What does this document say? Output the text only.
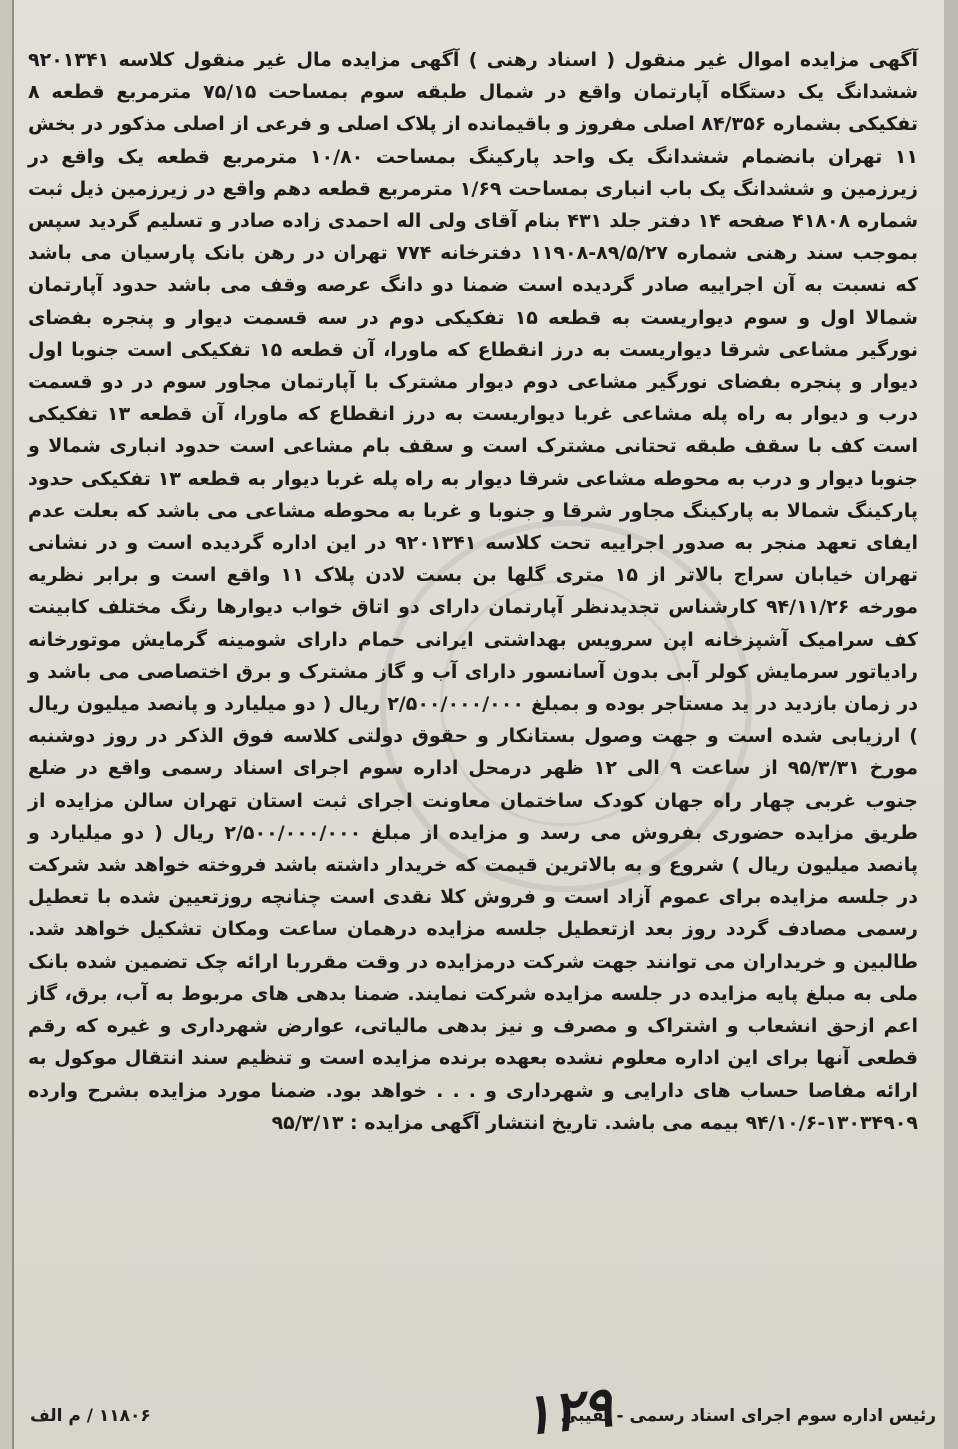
آگهی مزایده اموال غیر منقول ( اسناد رهنی ) آگهی مزایده مال غیر منقول کلاسه ۹۲۰۱۳۴۱ ششدانگ یک دستگاه آپارتمان واقع در شمال طبقه سوم بمساحت ۷۵/۱۵ مترمربع قطعه ۸ تفکیکی بشماره ۸۴/۳۵۶ اصلی مفروز و باقیمانده از پلاک اصلی و فرعی از اصلی مذکور در بخش ۱۱ تهران بانضمام ششدانگ یک واحد پارکینگ بمساحت ۱۰/۸۰ مترمربع قطعه یک واقع در زیرزمین و ششدانگ یک باب انباری بمساحت ۱/۶۹ مترمربع قطعه دهم واقع در زیرزمین ذیل ثبت شماره ۴۱۸۰۸ صفحه ۱۴ دفتر جلد ۴۳۱ بنام آقای ولی اله احمدی زاده صادر و تسلیم گردید سپس بموجب سند رهنی شماره ۸۹/۵/۲۷-۱۱۹۰۸ دفترخانه ۷۷۴ تهران در رهن بانک پارسیان می باشد که نسبت به آن اجراییه صادر گردیده است ضمنا دو دانگ عرصه وقف می باشد حدود آپارتمان شمالا اول و سوم دیواریست به قطعه ۱۵ تفکیکی دوم در سه قسمت دیوار و پنجره بفضای نورگیر مشاعی شرقا دیواریست به درز انقطاع که ماورا، آن قطعه ۱۵ تفکیکی است جنوبا اول دیوار و پنجره بفضای نورگیر مشاعی دوم دیوار مشترک با آپارتمان مجاور سوم در دو قسمت درب و دیوار به راه پله مشاعی غربا دیواریست به درز انقطاع که ماورا، آن قطعه ۱۳ تفکیکی است کف با سقف طبقه تحتانی مشترک است و سقف بام مشاعی است حدود انباری شمالا و جنوبا دیوار و درب به محوطه مشاعی شرقا دیوار به راه پله غربا دیوار به قطعه ۱۳ تفکیکی حدود پارکینگ شمالا به پارکینگ مجاور شرقا و جنوبا و غربا به محوطه مشاعی می باشد که بعلت عدم ایفای تعهد منجر به صدور اجراییه تحت کلاسه ۹۲۰۱۳۴۱ در این اداره گردیده است و در نشانی تهران خیابان سراج بالاتر از ۱۵ متری گلها بن بست لادن پلاک ۱۱ واقع است و برابر نظریه مورخه ۹۴/۱۱/۲۶ کارشناس تجدیدنظر آپارتمان دارای دو اتاق خواب دیوارها رنگ مختلف کابینت کف سرامیک آشپزخانه اپن سرویس بهداشتی ایرانی حمام دارای شومینه گرمایش موتورخانه رادیاتور سرمایش کولر آبی بدون آسانسور دارای آب و گاز مشترک و برق اختصاصی می باشد و در زمان بازدید در ید مستاجر بوده و بمبلغ ۲/۵۰۰/۰۰۰/۰۰۰ ریال ( دو میلیارد و پانصد میلیون ریال ) ارزیابی شده است و جهت وصول بستانکار و حقوق دولتی کلاسه فوق الذکر در روز دوشنبه مورخ ۹۵/۳/۳۱ از ساعت ۹ الی ۱۲ ظهر درمحل اداره سوم اجرای اسناد رسمی واقع در ضلع جنوب غربی چهار راه جهان کودک ساختمان معاونت اجرای ثبت استان تهران سالن مزایده از طریق مزایده حضوری بفروش می رسد و مزایده از مبلغ ۲/۵۰۰/۰۰۰/۰۰۰ ریال ( دو میلیارد و پانصد میلیون ریال ) شروع و به بالاترین قیمت که خریدار داشته باشد فروخته خواهد شد شرکت در جلسه مزایده برای عموم آزاد است و فروش کلا نقدی است چنانچه روزتعیین شده با تعطیل رسمی مصادف گردد روز بعد ازتعطیل جلسه مزایده درهمان ساعت ومکان تشکیل خواهد شد. طالبین و خریداران می توانند جهت شرکت درمزایده در وقت مقرربا ارائه چک تضمین شده بانک ملی به مبلغ پایه مزایده در جلسه مزایده شرکت نمایند. ضمنا بدهی های مربوط به آب، برق، گاز اعم ازحق انشعاب و اشتراک و مصرف و نیز بدهی مالیاتی، عوارض شهرداری و غیره که رقم قطعی آنها برای این اداره معلوم نشده بعهده برنده مزایده است و تنظیم سند انتقال موکول به ارائه مفاصا حساب های دارایی و شهرداری و . . . خواهد بود. ضمنا مورد مزایده بشرح وارده ۱۳۰۳۴۹۰۹-۹۴/۱۰/۶ بیمه می باشد. تاریخ انتشار آگهی مزایده : ۹۵/۳/۱۳

۱۲۹
رئیس اداره سوم اجرای اسناد رسمی - نقیبی
۱۱۸۰۶ / م الف
